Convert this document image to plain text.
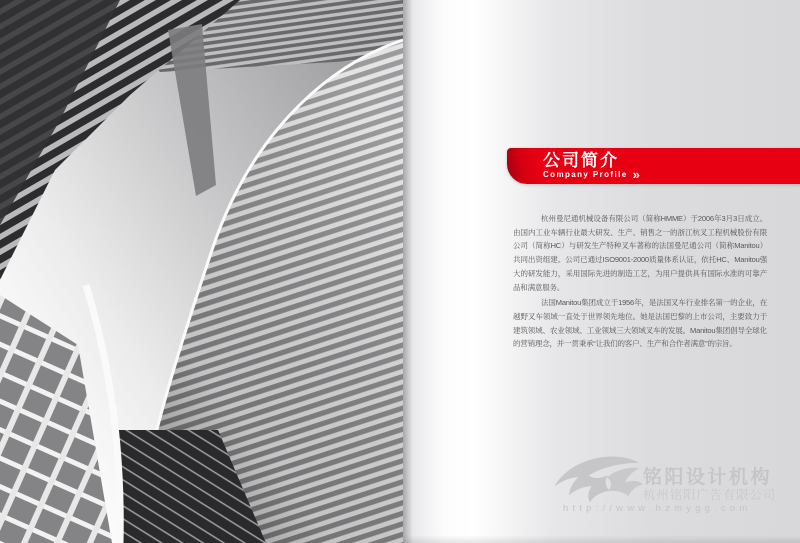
公司简介
Company Profile »

杭州曼尼通机械设备有限公司（简称HMME）于2006年3月3日成立。由国内工业车辆行业最大研发、生产、销售之一的浙江杭叉工程机械股份有限公司（简称HC）与研发生产特种叉车著称的法国曼尼通公司（简称Manitou）共同出资组建。公司已通过ISO9001-2000质量体系认证，依托HC、Manitou强大的研发能力，采用国际先进的制造工艺，为用户提供具有国际水准的可靠产品和满意服务。

法国Manitou集团成立于1956年，是法国叉车行业排名第一的企业，在越野叉车领域一直处于世界领先地位。她是法国巴黎的上市公司，主要致力于建筑领域、农业领域、工业领域三大领域叉车的发展。Manitou集团倡导全球化的营销理念，并一贯秉承“让我们的客户、生产和合作者满意”的宗旨。

铭阳设计机构
杭州铭阳广告有限公司
http://www.hzmygg.com
